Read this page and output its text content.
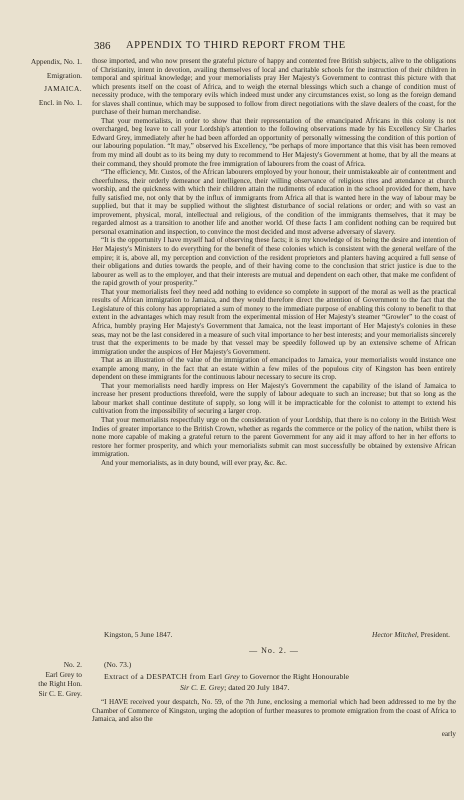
386 APPENDIX TO THIRD REPORT FROM THE
Appendix, No. 1.
Emigration.
JAMAICA.
Encl. in No. 1.

those imported, and who now present the grateful picture of happy and contented free British subjects, alive to the obligations of Christianity, intent in devotion, availing themselves of local and charitable schools for the instruction of their children in temporal and spiritual knowledge; and your memorialists pray Her Majesty's Government to contrast this picture with that which presents itself on the coast of Africa, and to weigh the eternal blessings which such a change of condition must of necessity produce, with the temporary evils which indeed must under any circumstances exist, so long as the foreign demand for slaves shall continue, which may be supposed to follow from direct negotiations with the slave dealers of the coast, for the purchase of their human merchandise.

That your memorialists, in order to show that their representation of the emancipated Africans in this colony is not overcharged, beg leave to call your Lordship's attention to the following observations made by his Excellency Sir Charles Edward Grey, immediately after he had been afforded an opportunity of personally witnessing the condition of this portion of our labouring population. “It may,” observed his Excellency, “be perhaps of more importance that this visit has been removed from my mind all doubt as to its being my duty to recommend to Her Majesty's Government at home, that by all the means at their command, they should promote the free immigration of labourers from the coast of Africa.

“The efficiency, Mr. Custos, of the African labourers employed by your honour, their unmistakeable air of contentment and cheerfulness, their orderly demeanor and intelligence, their willing observance of religious rites and attendance at church worship, and the quickness with which their children attain the rudiments of education in the school provided for them, have fully satisfied me, not only that by the influx of immigrants from Africa all that is wanted here in the way of labour may be supplied, but that it may be supplied without the slightest disturbance of social relations or order; and with so vast an improvement, physical, moral, intellectual and religious, of the condition of the immigrants themselves, that it may be regarded almost as a transition to another life and another world. Of these facts I am confident nothing can be required but personal examination and inspection, to convince the most decided and most adverse adversary of slavery.

“It is the opportunity I have myself had of observing these facts; it is my knowledge of its being the desire and intention of Her Majesty's Ministers to do everything for the benefit of these colonies which is consistent with the general welfare of the empire; it is, above all, my perception and conviction of the resident proprietors and planters having acquired a full sense of their obligations and duties towards the people, and of their having come to the conclusion that strict justice is due to the labourer as well as to the employer, and that their interests are mutual and dependent on each other, that make me confident of the rapid growth of your prosperity.”

That your memorialists feel they need add nothing to evidence so complete in support of the moral as well as the practical results of African immigration to Jamaica, and they would therefore direct the attention of Government to the fact that the Legislature of this colony has appropriated a sum of money to the immediate purpose of enabling this colony to benefit to that extent in the advantages which may result from the experimental mission of Her Majesty's steamer “Growler” to the coast of Africa, humbly praying Her Majesty's Government that Jamaica, not the least important of Her Majesty's colonies in these seas, may not be the last considered in a measure of such vital importance to her best interests; and your memorialists sincerely trust that the experiments to be made by that vessel may be speedily followed up by an extensive scheme of African immigration under the auspices of Her Majesty's Government.

That as an illustration of the value of the immigration of emancipados to Jamaica, your memorialists would instance one example among many, in the fact that an estate within a few miles of the populous city of Kingston has been entirely dependent on these immigrants for the continuous labour necessary to secure its crop.

That your memorialists need hardly impress on Her Majesty's Government the capability of the island of Jamaica to increase her present productions threefold, were the supply of labour adequate to such an increase; but that so long as the labour market shall continue destitute of supply, so long will it be impracticable for the colonist to attempt to extend his cultivation from the impossibility of securing a larger crop.

That your memorialists respectfully urge on the consideration of your Lordship, that there is no colony in the British West Indies of greater importance to the British Crown, whether as regards the commerce or the policy of the nation, whilst there is none more capable of making a grateful return to the parent Government for any aid it may afford to her in her efforts to restore her former prosperity, and which your memorialists submit can most successfully be obtained by extensive African immigration.

And your memorialists, as in duty bound, will ever pray, &c. &c.

Kingston, 5 June 1847.	Hector Mitchel, President.
— No. 2. —
No. 2.
Earl Grey to
the Right Hon.
Sir C. E. Grey.
(No. 73.)
Extract of a DESPATCH from Earl Grey to Governor the Right Honourable
Sir C. E. Grey; dated 20 July 1847.

“I HAVE received your despatch, No. 59, of the 7th June, enclosing a memorial which had been addressed to me by the Chamber of Commerce of Kingston, urging the adoption of further measures to promote emigration from the coast of Africa to Jamaica, and also the

early
